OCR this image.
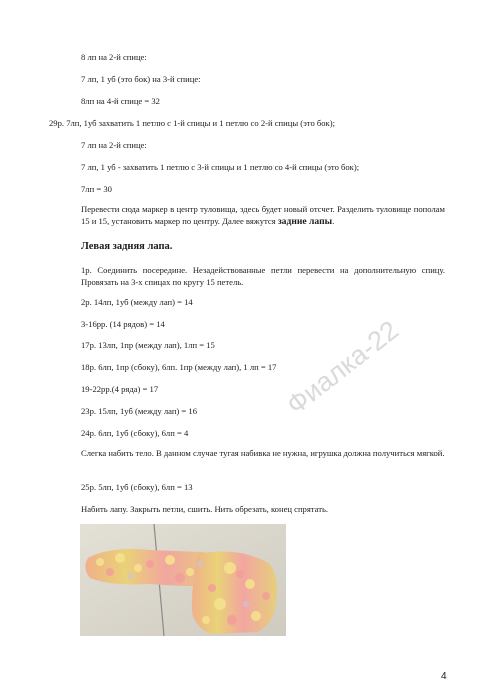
8 лп на 2-й спице:
7 лп, 1 уб (это бок) на 3-й спице:
8лп на 4-й спице = 32
29р. 7лп, 1уб захватить 1 петлю с 1-й спицы и 1 петлю со 2-й спицы (это бок);
7 лп на 2-й спице:
7 лп, 1 уб - захватить 1 петлю с 3-й спицы и 1 петлю со 4-й спицы (это бок);
7лп = 30
Перевести сюда маркер в центр туловища, здесь будет новый отсчет. Разделить туловище пополам 15 и 15, установить маркер по центру. Далее вяжутся задние лапы.
Левая задняя лапа.
1р. Соединить посередине. Незадействованные петли перевести на дополнительную спицу. Провязать на 3-х спицах по кругу 15 петель.
2р. 14лп, 1уб (между лап) = 14
3-16рр. (14 рядов) = 14
17р. 13лп, 1пр (между лап), 1лп = 15
18р. 6лп, 1пр (сбоку), 6лп. 1пр (между лап), 1 лп = 17
19-22рр.(4 ряда) = 17
23р. 15лп, 1уб (между лап) = 16
24р. 6лп, 1уб (сбоку), 6лп = 4
Слегка набить тело. В данном случае тугая набивка не нужна, игрушка должна получиться мягкой.
25р. 5лп, 1уб (сбоку), 6лп = 13
Набить лапу. Закрыть петли, сшить. Нить обрезать, конец спрятать.
Фиалка-22
4
